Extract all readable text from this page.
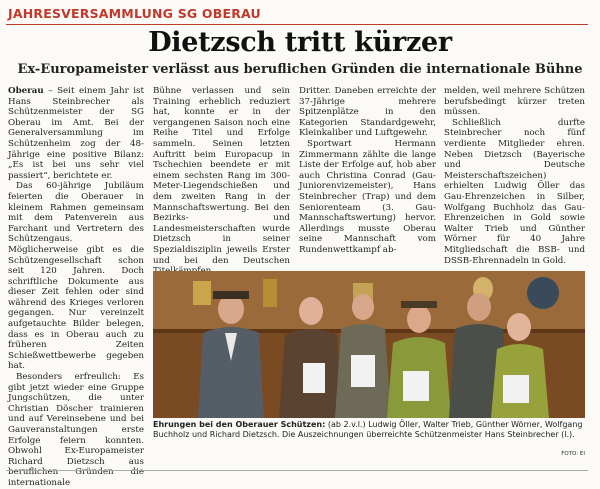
JAHRESVERSAMMLUNG SG OBERAU
Dietzsch tritt kürzer
Ex-Europameister verlässt aus beruflichen Gründen die internationale Bühne

Oberau – Seit einem Jahr ist Hans Steinbrecher als Schützenmeister der SG Oberau im Amt. Bei der Generalversammlung im Schützenheim zog der 48-Jährige eine positive Bilanz: „Es ist bei uns sehr viel passiert“, berichtete er.

Das 60-jährige Jubiläum feierten die Oberauer in kleinem Rahmen gemeinsam mit dem Patenverein aus Farchant und Vertretern des Schützengaus. Möglicherweise gibt es die Schützengesellschaft schon seit 120 Jahren. Doch schriftliche Dokumente aus dieser Zeit fehlen oder sind während des Krieges verloren gegangen. Nur vereinzelt aufgetauchte Bilder belegen, dass es in Oberau auch zu früheren Zeiten Schießwettbewerbe gegeben hat.

Besonders erfreulich: Es gibt jetzt wieder eine Gruppe Jungschützen, die unter Christian Döscher trainieren und auf Vereinsebene und bei Gauveranstaltungen erste Erfolge feiern konnten. Obwohl Ex-Europameister Richard Dietzsch aus beruflichen Gründen die internationale

Bühne verlassen und sein Training erheblich reduziert hat, konnte er in der vergangenen Saison noch eine Reihe Titel und Erfolge sammeln. Seinen letzten Auftritt beim Europacup in Tschechien beendete er mit einem sechsten Rang im 300-Meter-Liegendschießen und dem zweiten Rang in der Mannschaftswertung. Bei den Bezirks- und Landesmeisterschaften wurde Dietzsch in seiner Spezialdisziplin jeweils Erster und bei den Deutschen

Dritter. Daneben erreichte der 37-Jährige mehrere Spitzenplätze in den Kategorien Standardgewehr, Kleinkaliber und Luftgewehr.

Sportwart Hermann Zimmermann zählte die lange Liste der Erfolge auf, hob aber auch Christina Conrad (Gau-Juniorenvizemeister), Hans Steinbrecher (Trap) und dem Seniorenteam (3. Gau-Mannschaftswertung) hervor. Allerdings musste Oberau seine Mannschaft vom Rundenwettkampf ab-

melden, weil mehrere Schützen berufsbedingt kürzer treten müssen.

Schließlich durfte Steinbrecher noch fünf verdiente Mitglieder ehren. Neben Dietzsch (Bayerische und Deutsche Meisterschaftszeichen) erhielten Ludwig Öller das Gau-Ehrenzeichen in Silber, Wolfgang Buchholz das Gau-Ehrenzeichen in Gold sowie Walter Trieb und Günther Wörner für 40 Jahre Mitgliedschaft die BSB- und DSSB-Ehrennadeln in Gold.

Ehrungen bei den Oberauer Schützen: (ab 2.v.l.) Ludwig Öller, Walter Trieb, Günther Wörner, Wolfgang Buchholz und Richard Dietzsch. Die Auszeichnungen überreichte Schützenmeister Hans Steinbrecher (l.).
FOTO: EI
